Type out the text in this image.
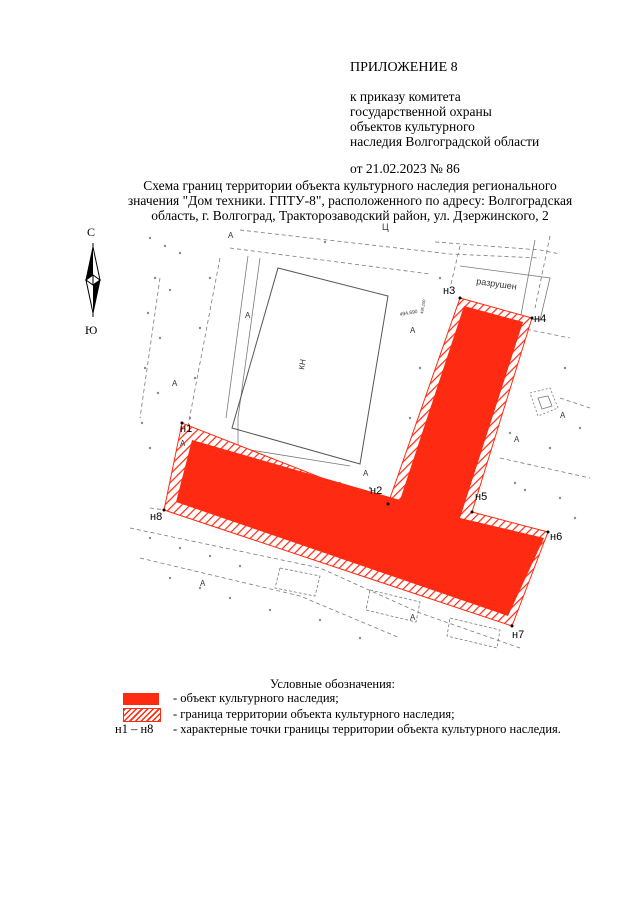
ПРИЛОЖЕНИЕ 8
к приказу комитета
государственной охраны
объектов культурного
наследия Волгоградской области
от 21.02.2023 № 86
Схема границ территории объекта культурного наследия регионального
значения "Дом техники. ГПТУ-8", расположенного по адресу: Волгоградская
область, г. Волгоград, Тракторозаводский район, ул. Дзержинского, 2
С
Ю
н1
н2
н3
н4
н5
н6
н7
н8
КН
разрушен
Ц
494,690 495,100
А
А
А
А
А
А
А
А
А
А
Условные обозначения:
- объект культурного наследия;
- граница территории объекта культурного наследия;
н1 – н8 - характерные точки границы территории объекта культурного наследия.
